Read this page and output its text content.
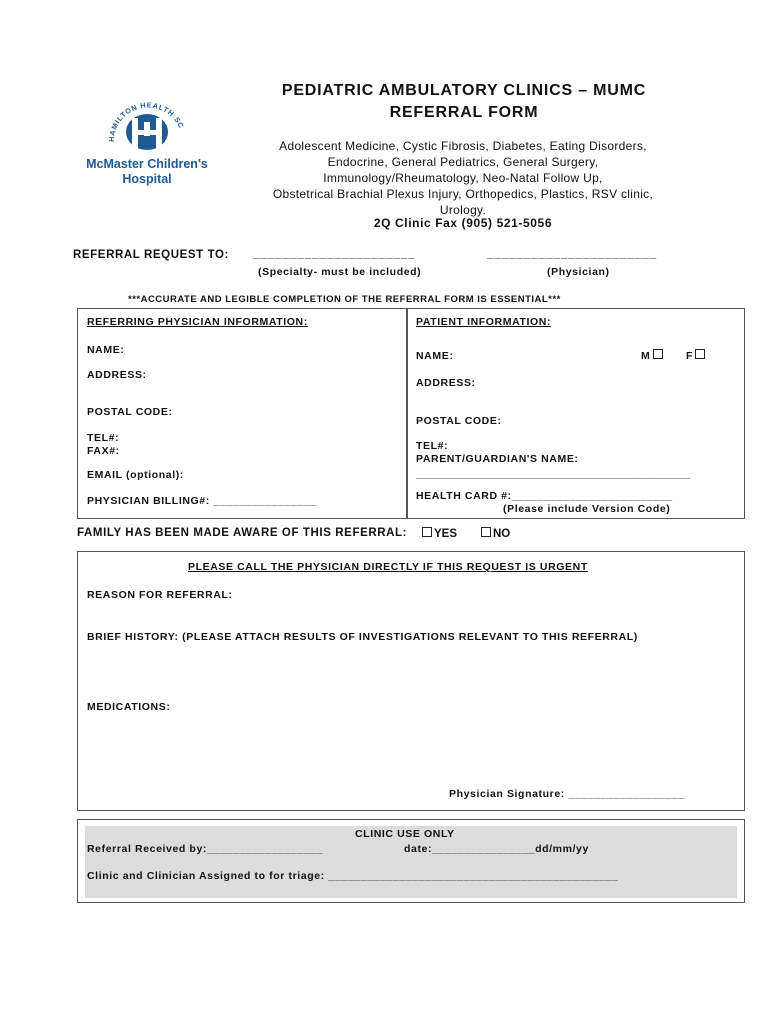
HAMILTON HEALTH SC
McMaster Children's
Hospital
PEDIATRIC AMBULATORY CLINICS – MUMC
REFERRAL FORM
Adolescent Medicine, Cystic Fibrosis, Diabetes, Eating Disorders,
Endocrine, General Pediatrics, General Surgery,
Immunology/Rheumatology, Neo-Natal Follow Up,
Obstetrical Brachial Plexus Injury, Orthopedics, Plastics, RSV clinic,
Urology.
2Q Clinic Fax (905) 521-5056
REFERRAL REQUEST TO: ______________________	_______________________
(Specialty- must be included)	(Physician)
***ACCURATE AND LEGIBLE COMPLETION OF THE REFERRAL FORM IS ESSENTIAL***
REFERRING PHYSICIAN INFORMATION:
NAME:
ADDRESS:
POSTAL CODE:
TEL#:
FAX#:
EMAIL (optional):
PHYSICIAN BILLING#: ________________
PATIENT INFORMATION:
NAME:	M	F
ADDRESS:
POSTAL CODE:
TEL#:
PARENT/GUARDIAN'S NAME:
_______________________________________________
HEALTH CARD #:_________________________
(Please include Version Code)
FAMILY HAS BEEN MADE AWARE OF THIS REFERRAL:	YES	NO
PLEASE CALL THE PHYSICIAN DIRECTLY IF THIS REQUEST IS URGENT
REASON FOR REFERRAL:
BRIEF HISTORY: (PLEASE ATTACH RESULTS OF INVESTIGATIONS RELEVANT TO THIS REFERRAL)
MEDICATIONS:
Physician Signature: __________________
CLINIC USE ONLY
Referral Received by:__________________	date:________________dd/mm/yy
Clinic and Clinician Assigned to for triage: _____________________________________________
